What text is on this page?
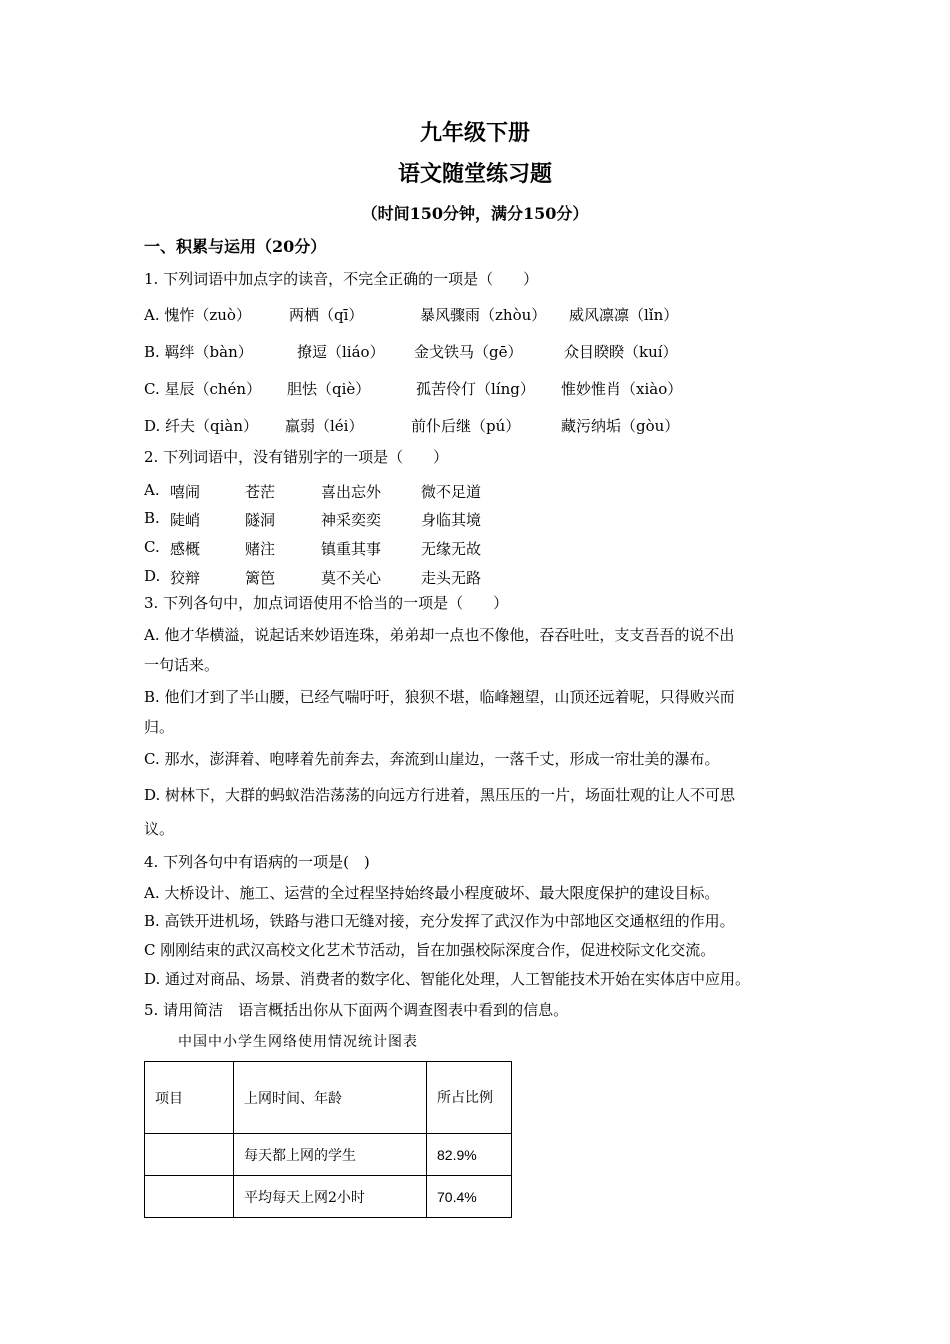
九年级下册
语文随堂练习题
（时间150分钟，满分150分）
一、积累与运用（20分）
1. 下列词语中加点字的读音，不完全正确的一项是（　　）
A. 愧怍（zuò）	两栖（qī）	暴风骤雨（zhòu） 威风凛凛（lǐn）
B. 羁绊（bàn）	撩逗（liáo） 金戈铁马（gē）	众目睽睽（kuí）
C. 星辰（chén） 胆怯（qiè）	孤苦伶仃（líng） 惟妙惟肖（xiào）
D. 纤夫（qiàn） 羸弱（léi）	前仆后继（pú）	藏污纳垢（gòu）
2. 下列词语中，没有错别字的一项是（　　）
A. 嘻闹	苍茫	喜出忘外	微不足道
B. 陡峭	隧洞	神采奕奕	身临其境
C. 感概	赌注	镇重其事	无缘无故
D. 狡辩	篱笆	莫不关心	走头无路
3. 下列各句中，加点词语使用不恰当的一项是（　　）
A. 他才华横溢，说起话来妙语连珠，弟弟却一点也不像他，吞吞吐吐，支支吾吾的说不出
一句话来。
B. 他们才到了半山腰，已经气喘吁吁，狼狈不堪，临峰翘望，山顶还远着呢，只得败兴而
归。
C. 那水，澎湃着、咆哮着先前奔去，奔流到山崖边，一落千丈，形成一帘壮美的瀑布。
D. 树林下，大群的蚂蚁浩浩荡荡的向远方行进着，黑压压的一片，场面壮观的让人不可思
议。
4. 下列各句中有语病的一项是(　)
A. 大桥设计、施工、运营的全过程坚持始终最小程度破坏、最大限度保护的建设目标。
B. 高铁开进机场，铁路与港口无缝对接，充分发挥了武汉作为中部地区交通枢纽的作用。
C 刚刚结束的武汉高校文化艺术节活动，旨在加强校际深度合作，促进校际文化交流。
D. 通过对商品、场景、消费者的数字化、智能化处理，人工智能技术开始在实体店中应用。
5. 请用简洁　语言概括出你从下面两个调查图表中看到的信息。
中国中小学生网络使用情况统计图表
项目	上网时间、年龄	所占比例
	每天都上网的学生	82.9%
	平均每天上网2小时	70.4%
